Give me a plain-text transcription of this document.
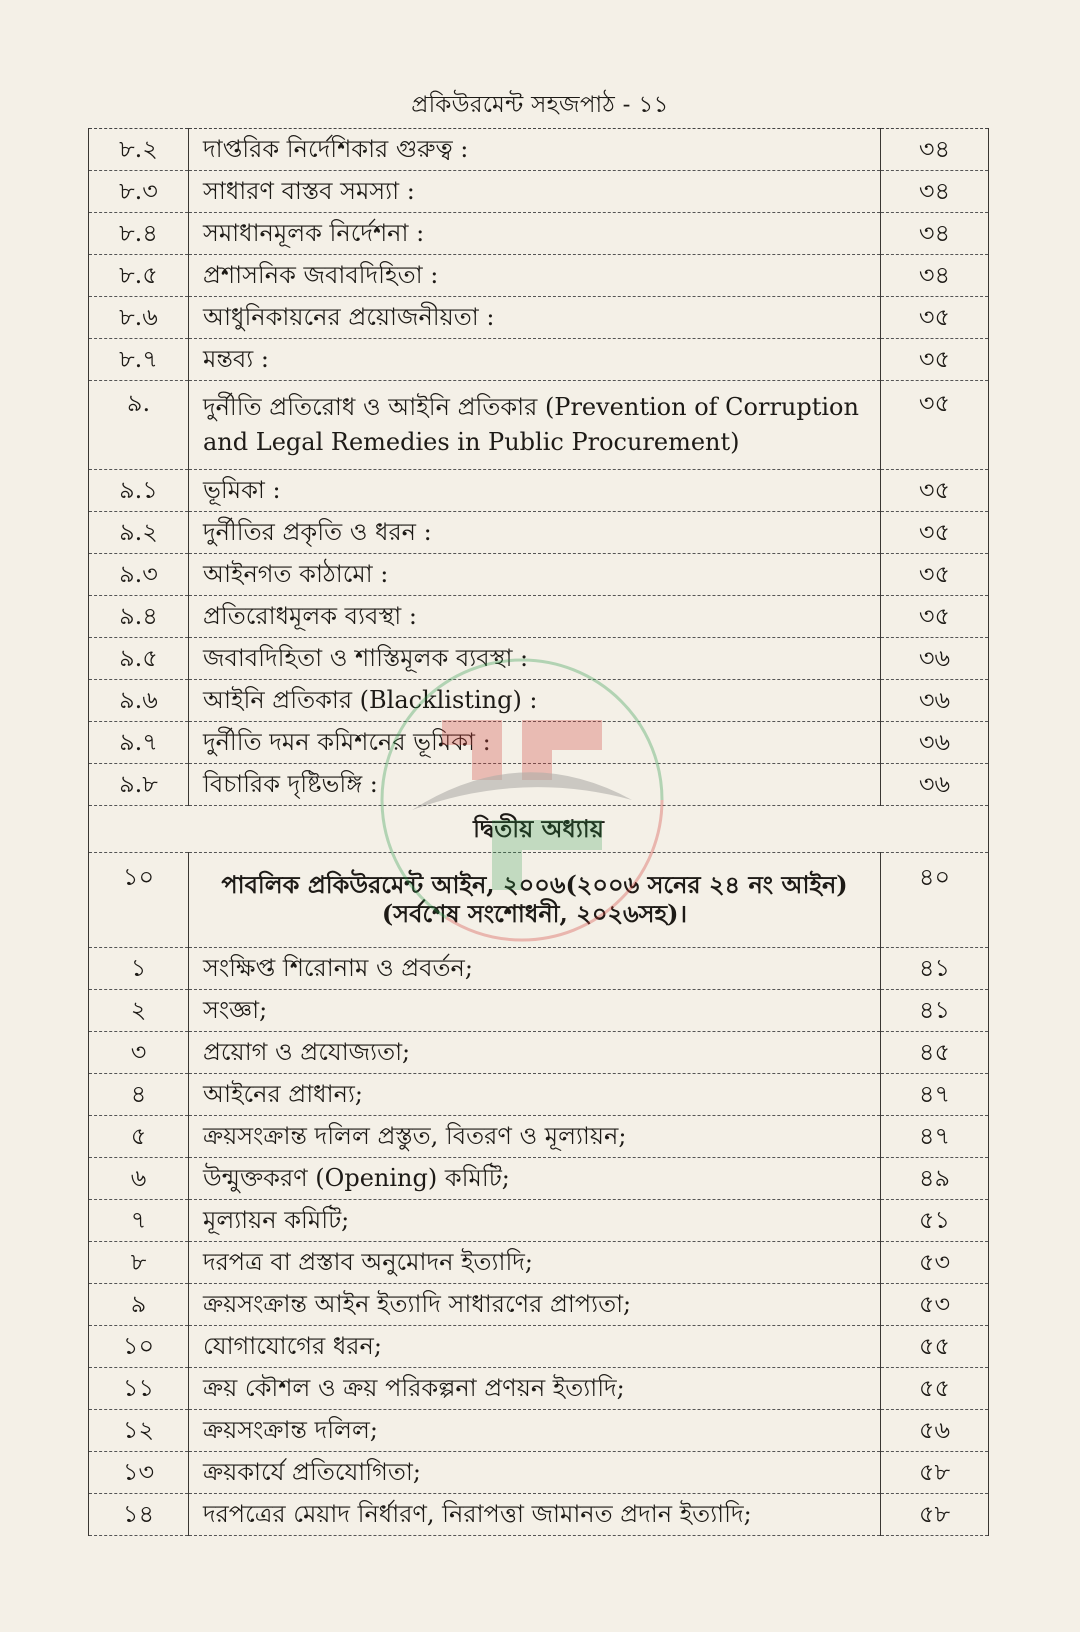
প্রকিউরমেন্ট সহজপাঠ - ১১
৮.২	দাপ্তরিক নির্দেশিকার গুরুত্ব :	৩৪
৮.৩	সাধারণ বাস্তব সমস্যা :	৩৪
৮.৪	সমাধানমূলক নির্দেশনা :	৩৪
৮.৫	প্রশাসনিক জবাবদিহিতা :	৩৪
৮.৬	আধুনিকায়নের প্রয়োজনীয়তা :	৩৫
৮.৭	মন্তব্য :	৩৫
৯.	দুর্নীতি প্রতিরোধ ও আইনি প্রতিকার (Prevention of Corruption and Legal Remedies in Public Procurement)	৩৫
৯.১	ভূমিকা :	৩৫
৯.২	দুর্নীতির প্রকৃতি ও ধরন :	৩৫
৯.৩	আইনগত কাঠামো :	৩৫
৯.৪	প্রতিরোধমূলক ব্যবস্থা :	৩৫
৯.৫	জবাবদিহিতা ও শাস্তিমূলক ব্যবস্থা :	৩৬
৯.৬	আইনি প্রতিকার (Blacklisting) :	৩৬
৯.৭	দুর্নীতি দমন কমিশনের ভূমিকা :	৩৬
৯.৮	বিচারিক দৃষ্টিভঙ্গি :	৩৬
দ্বিতীয় অধ্যায়		
১০	পাবলিক প্রকিউরমেন্ট আইন, ২০০৬(২০০৬ সনের ২৪ নং আইন) (সর্বশেষ সংশোধনী, ২০২৬সহ)।	৪০
১	সংক্ষিপ্ত শিরোনাম ও প্রবর্তন;	৪১
২	সংজ্ঞা;	৪১
৩	প্রয়োগ ও প্রযোজ্যতা;	৪৫
৪	আইনের প্রাধান্য;	৪৭
৫	ক্রয়সংক্রান্ত দলিল প্রস্তুত, বিতরণ ও মূল্যায়ন;	৪৭
৬	উন্মুক্তকরণ (Opening) কমিটি;	৪৯
৭	মূল্যায়ন কমিটি;	৫১
৮	দরপত্র বা প্রস্তাব অনুমোদন ইত্যাদি;	৫৩
৯	ক্রয়সংক্রান্ত আইন ইত্যাদি সাধারণের প্রাপ্যতা;	৫৩
১০	যোগাযোগের ধরন;	৫৫
১১	ক্রয় কৌশল ও ক্রয় পরিকল্পনা প্রণয়ন ইত্যাদি;	৫৫
১২	ক্রয়সংক্রান্ত দলিল;	৫৬
১৩	ক্রয়কার্যে প্রতিযোগিতা;	৫৮
১৪	দরপত্রের মেয়াদ নির্ধারণ, নিরাপত্তা জামানত প্রদান ইত্যাদি;	৫৮
